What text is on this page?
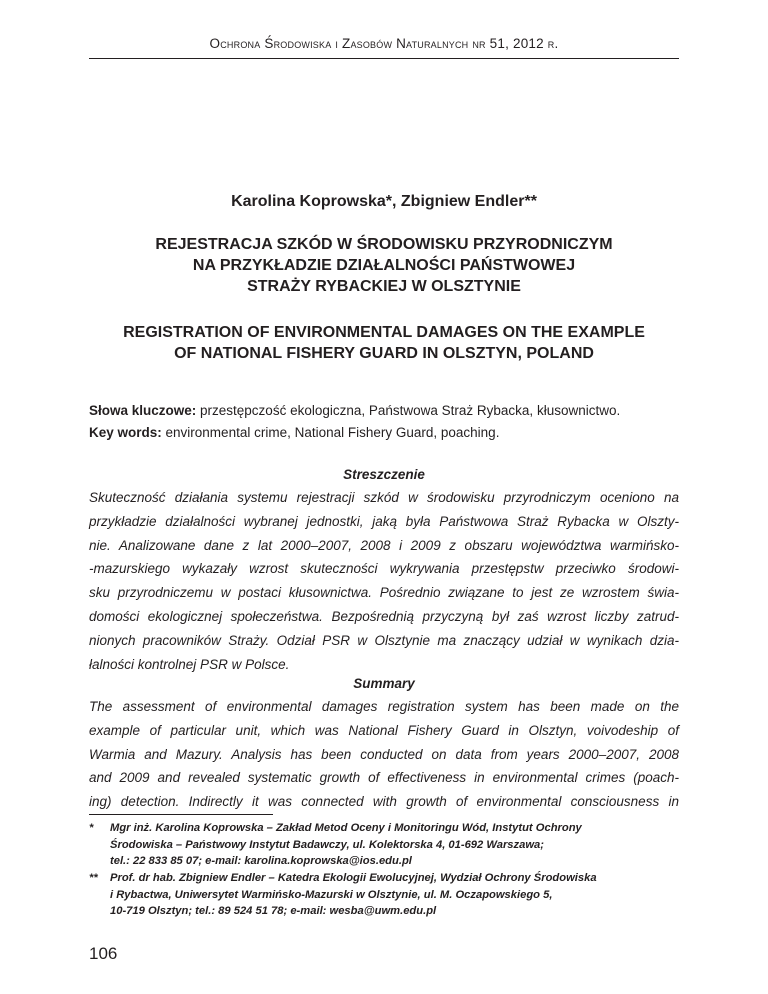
Ochrona Środowiska i Zasobów Naturalnych nr 51, 2012 r.
Karolina Koprowska*, Zbigniew Endler**
REJESTRACJA SZKÓD W ŚRODOWISKU PRZYRODNICZYM
NA PRZYKŁADZIE DZIAŁALNOŚCI PAŃSTWOWEJ
STRAŻY RYBACKIEJ W OLSZTYNIE
REGISTRATION OF ENVIRONMENTAL DAMAGES ON THE EXAMPLE
OF NATIONAL FISHERY GUARD IN OLSZTYN, POLAND
Słowa kluczowe: przestępczość ekologiczna, Państwowa Straż Rybacka, kłusownictwo.
Key words: environmental crime, National Fishery Guard, poaching.
Streszczenie
Skuteczność działania systemu rejestracji szkód w środowisku przyrodniczym oceniono na
przykładzie działalności wybranej jednostki, jaką była Państwowa Straż Rybacka w Olszty-
nie. Analizowane dane z lat 2000–2007, 2008 i 2009 z obszaru województwa warmińsko-
-mazurskiego wykazały wzrost skuteczności wykrywania przestępstw przeciwko środowi-
sku przyrodniczemu w postaci kłusownictwa. Pośrednio związane to jest ze wzrostem świa-
domości ekologicznej społeczeństwa. Bezpośrednią przyczyną był zaś wzrost liczby zatrud-
nionych pracowników Straży. Odział PSR w Olsztynie ma znaczący udział w wynikach dzia-
łalności kontrolnej PSR w Polsce.
Summary
The assessment of environmental damages registration system has been made on the
example of particular unit, which was National Fishery Guard in Olsztyn, voivodeship of
Warmia and Mazury. Analysis has been conducted on data from years 2000–2007, 2008
and 2009 and revealed systematic growth of effectiveness in environmental crimes (poach-
ing) detection. Indirectly it was connected with growth of environmental consciousness in
* Mgr inż. Karolina Koprowska – Zakład Metod Oceny i Monitoringu Wód, Instytut Ochrony
Środowiska – Państwowy Instytut Badawczy, ul. Kolektorska 4, 01-692 Warszawa;
tel.: 22 833 85 07; e-mail: karolina.koprowska@ios.edu.pl
** Prof. dr hab. Zbigniew Endler – Katedra Ekologii Ewolucyjnej, Wydział Ochrony Środowiska
i Rybactwa, Uniwersytet Warmińsko-Mazurski w Olsztynie, ul. M. Oczapowskiego 5,
10-719 Olsztyn; tel.: 89 524 51 78; e-mail: wesba@uwm.edu.pl
106
